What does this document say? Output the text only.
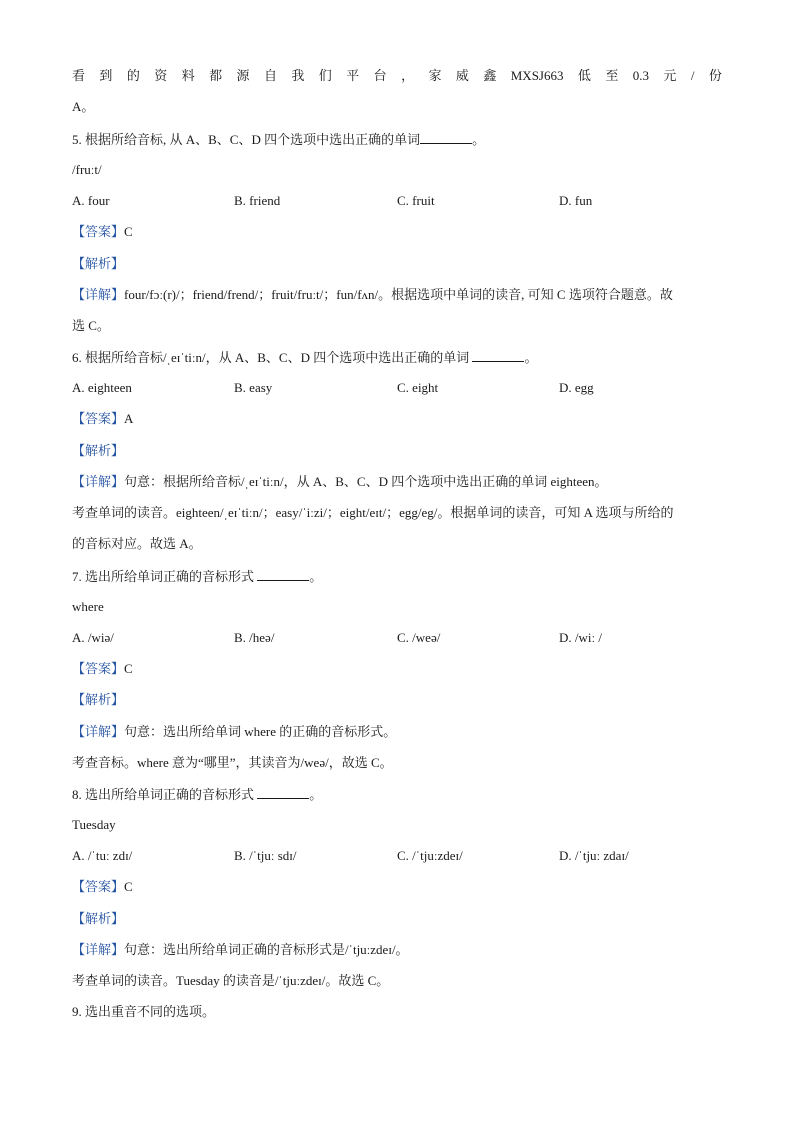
看 到 的 资 料 都 源 自 我 们 平 台 ， 家 威 鑫 MXSJ663 低 至 0.3 元 / 份
A。
5. 根据所给音标, 从 A、B、C、D 四个选项中选出正确的单词	。
/fruːt/
A. four	B. friend	C. fruit	D. fun
【答案】C
【解析】
【详解】four/fɔː(r)/；friend/frend/；fruit/fruːt/；fun/fʌn/。根据选项中单词的读音, 可知 C 选项符合题意。故
选 C。
6. 根据所给音标/ˌeɪˈtiːn/，从 A、B、C、D 四个选项中选出正确的单词	。
A. eighteen	B. easy	C. eight	D. egg
【答案】A
【解析】
【详解】句意：根据所给音标/ˌeɪˈtiːn/，从 A、B、C、D 四个选项中选出正确的单词 eighteen。
考查单词的读音。eighteen/ˌeɪˈtiːn/；easy/ˈiːzi/；eight/eɪt/；egg/eg/。根据单词的读音，可知 A 选项与所给的
的音标对应。故选 A。
7. 选出所给单词正确的音标形式	。
where
A. /wiə/	B. /heə/	C. /weə/	D. /wiː /
【答案】C
【解析】
【详解】句意：选出所给单词 where 的正确的音标形式。
考查音标。where 意为“哪里”，其读音为/weə/，故选 C。
8. 选出所给单词正确的音标形式	。
Tuesday
A. /ˈtuː zdɪ/	B. /ˈtjuː sdɪ/	C. /ˈtjuːzdeɪ/	D. /ˈtjuː zdaɪ/
【答案】C
【解析】
【详解】句意：选出所给单词正确的音标形式是/ˈtjuːzdeɪ/。
考查单词的读音。Tuesday 的读音是/ˈtjuːzdeɪ/。故选 C。
9. 选出重音不同的选项。
